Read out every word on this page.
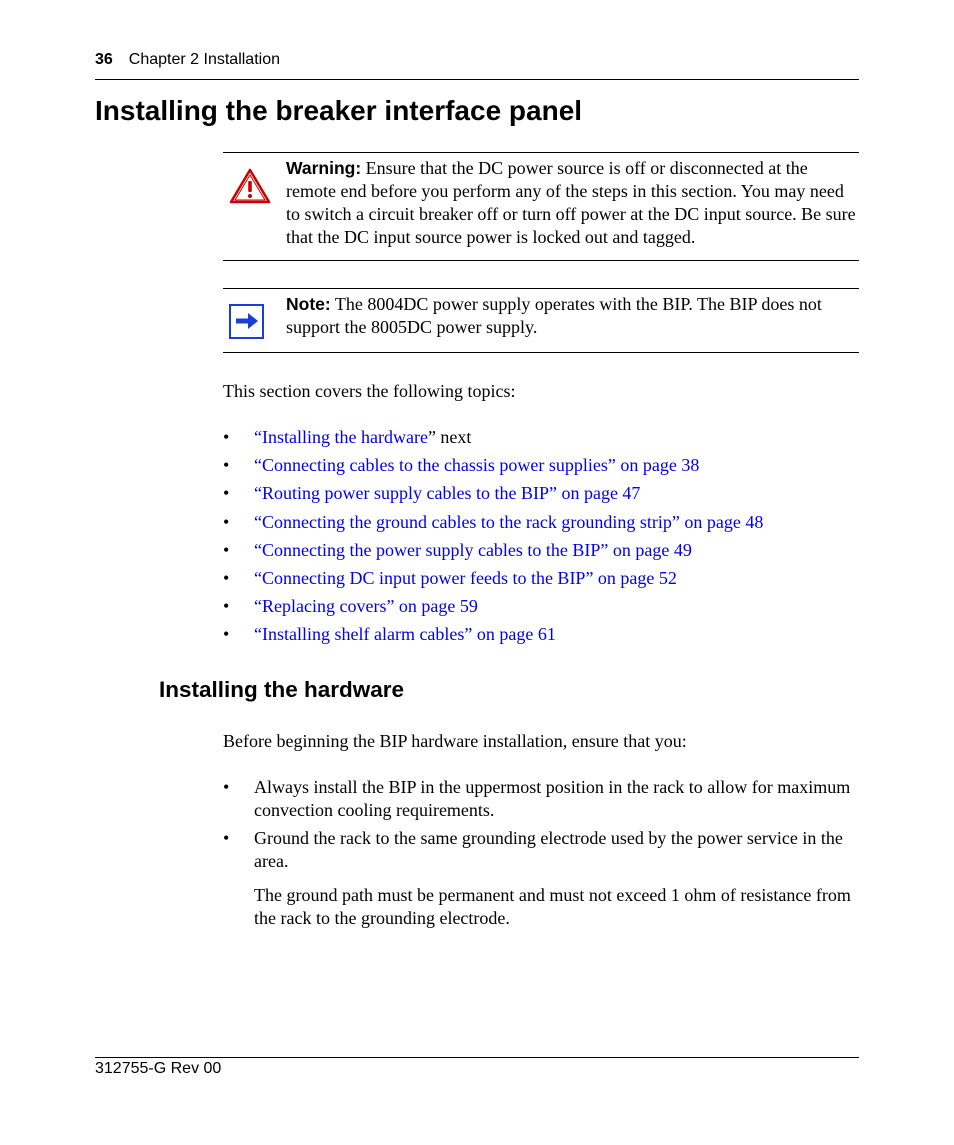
36 Chapter 2 Installation
Installing the breaker interface panel
Warning: Ensure that the DC power source is off or disconnected at the remote end before you perform any of the steps in this section. You may need to switch a circuit breaker off or turn off power at the DC input source. Be sure that the DC input source power is locked out and tagged.
Note: The 8004DC power supply operates with the BIP. The BIP does not support the 8005DC power supply.

This section covers the following topics:

• “Installing the hardware” next
• “Connecting cables to the chassis power supplies” on page 38
• “Routing power supply cables to the BIP” on page 47
• “Connecting the ground cables to the rack grounding strip” on page 48
• “Connecting the power supply cables to the BIP” on page 49
• “Connecting DC input power feeds to the BIP” on page 52
• “Replacing covers” on page 59
• “Installing shelf alarm cables” on page 61
Installing the hardware

Before beginning the BIP hardware installation, ensure that you:

• Always install the BIP in the uppermost position in the rack to allow for maximum convection cooling requirements.
• Ground the rack to the same grounding electrode used by the power service in the area.

The ground path must be permanent and must not exceed 1 ohm of resistance from the rack to the grounding electrode.

312755-G Rev 00
